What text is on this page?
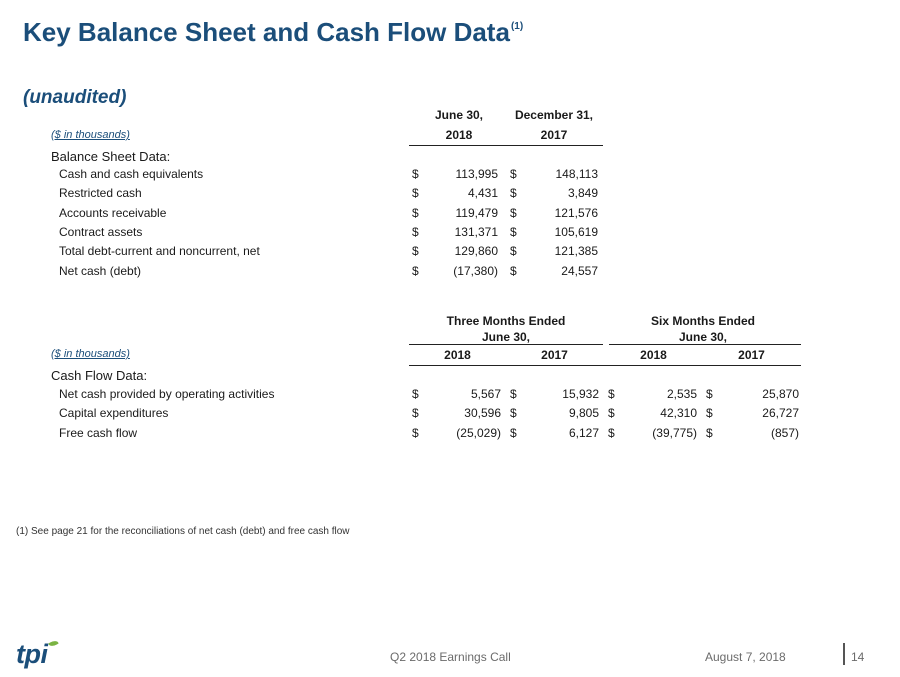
Key Balance Sheet and Cash Flow Data$^{(1)}$
(unaudited)
June 30,	December 31,
($ in thousands)	2018	2017
Balance Sheet Data:
Cash and cash equivalents	$	113,995 $	148,113
Restricted cash	$	4,431 $	3,849
Accounts receivable	$	119,479 $	121,576
Contract assets	$	131,371 $	105,619
Total debt-current and noncurrent, net	$	129,860 $	121,385
Net cash (debt)	$	(17,380) $	24,557
Three Months Ended
June 30,
Six Months Ended
June 30,
($ in thousands)	2018	2017	2018	2017
Cash Flow Data:
Net cash provided by operating activities	$	5,567 $	15,932 $	2,535 $	25,870
Capital expenditures	$	30,596 $	9,805 $	42,310 $	26,727
Free cash flow	$	(25,029) $	6,127 $	(39,775) $	(857)
(1) See page 21 for the reconciliations of net cash (debt) and free cash flow
tpi	Q2 2018 Earnings Call	August 7, 2018	14
